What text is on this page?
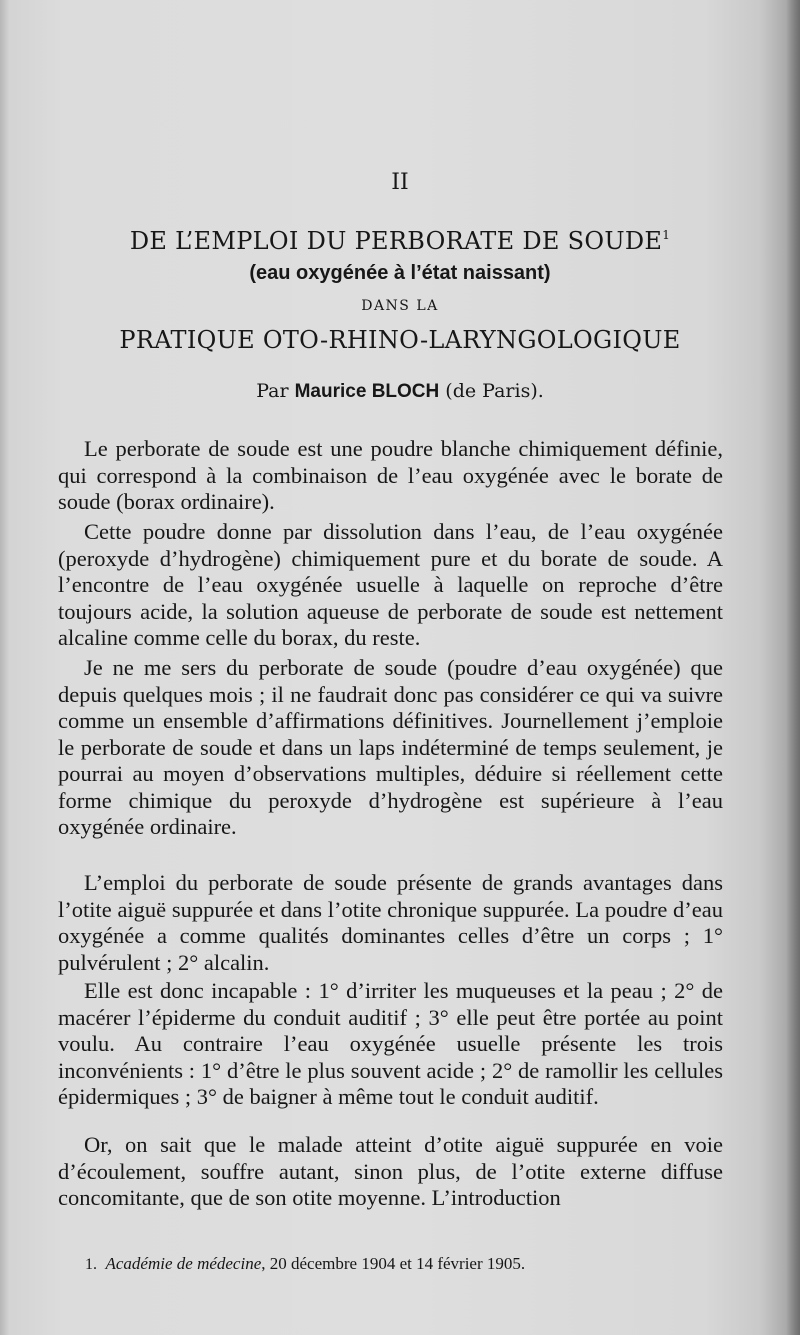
II
DE L’EMPLOI DU PERBORATE DE SOUDE$^1$
(eau oxygénée à l’état naissant)
DANS LA
PRATIQUE OTO-RHINO-LARYNGOLOGIQUE
Par Maurice BLOCH (de Paris).

Le perborate de soude est une poudre blanche chimiquement définie, qui correspond à la combinaison de l’eau oxygénée avec le borate de soude (borax ordinaire).

Cette poudre donne par dissolution dans l’eau, de l’eau oxygénée (peroxyde d’hydrogène) chimiquement pure et du borate de soude. A l’encontre de l’eau oxygénée usuelle à laquelle on reproche d’être toujours acide, la solution aqueuse de perborate de soude est nettement alcaline comme celle du borax, du reste.

Je ne me sers du perborate de soude (poudre d’eau oxygénée) que depuis quelques mois ; il ne faudrait donc pas considérer ce qui va suivre comme un ensemble d’affirmations définitives. Journellement j’emploie le perborate de soude et dans un laps indéterminé de temps seulement, je pourrai au moyen d’observations multiples, déduire si réellement cette forme chimique du peroxyde d’hydrogène est supérieure à l’eau oxygénée ordinaire.

L’emploi du perborate de soude présente de grands avantages dans l’otite aiguë suppurée et dans l’otite chronique suppurée. La poudre d’eau oxygénée a comme qualités dominantes celles d’être un corps ; 1° pulvérulent ; 2° alcalin.

Elle est donc incapable : 1° d’irriter les muqueuses et la peau ; 2° de macérer l’épiderme du conduit auditif ; 3° elle peut être portée au point voulu. Au contraire l’eau oxygénée usuelle présente les trois inconvénients : 1° d’être le plus souvent acide ; 2° de ramollir les cellules épidermiques ; 3° de baigner à même tout le conduit auditif.

Or, on sait que le malade atteint d’otite aiguë suppurée en voie d’écoulement, souffre autant, sinon plus, de l’otite externe diffuse concomitante, que de son otite moyenne. L’introduction

1. Académie de médecine, 20 décembre 1904 et 14 février 1905.
